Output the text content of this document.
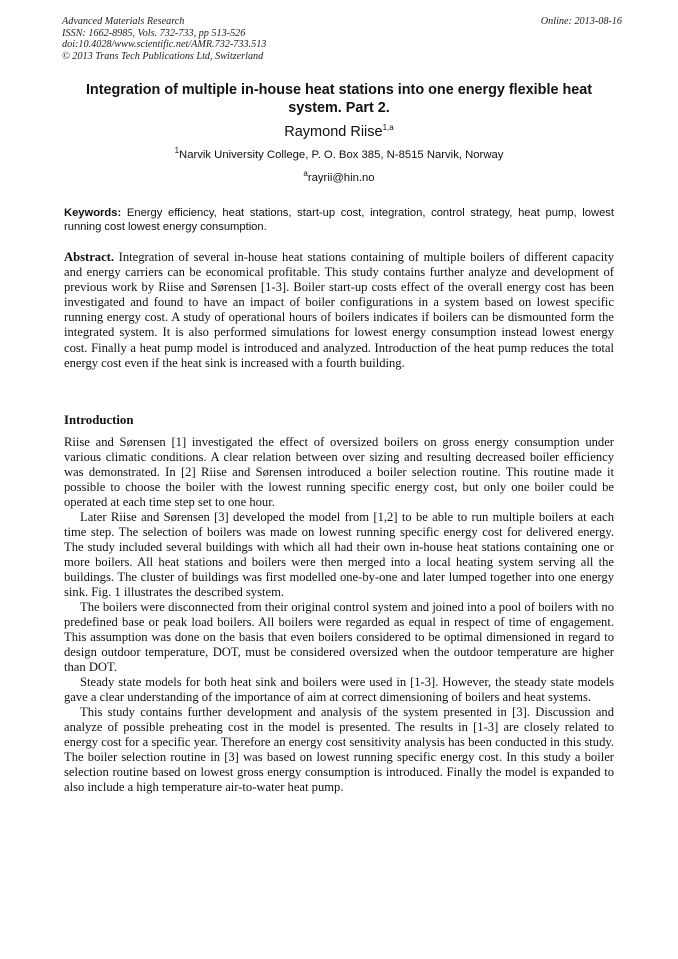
Advanced Materials Research
ISSN: 1662-8985, Vols. 732-733, pp 513-526
doi:10.4028/www.scientific.net/AMR.732-733.513
© 2013 Trans Tech Publications Ltd, Switzerland
Online: 2013-08-16
Integration of multiple in-house heat stations into one energy flexible heat system. Part 2.
Raymond Riise$^{1,a}$
$^1$Narvik University College, P. O. Box 385, N-8515 Narvik, Norway
$^a$rayrii@hin.no
Keywords: Energy efficiency, heat stations, start-up cost, integration, control strategy, heat pump, lowest running cost lowest energy consumption.

Abstract. Integration of several in-house heat stations containing of multiple boilers of different capacity and energy carriers can be economical profitable. This study contains further analyze and development of previous work by Riise and Sørensen [1-3]. Boiler start-up costs effect of the overall energy cost has been investigated and found to have an impact of boiler configurations in a system based on lowest specific running energy cost. A study of operational hours of boilers indicates if boilers can be dismounted form the integrated system. It is also performed simulations for lowest energy consumption instead lowest energy cost. Finally a heat pump model is introduced and analyzed. Introduction of the heat pump reduces the total energy cost even if the heat sink is increased with a fourth building.

Introduction

Riise and Sørensen [1] investigated the effect of oversized boilers on gross energy consumption under various climatic conditions. A clear relation between over sizing and resulting decreased boiler efficiency was demonstrated. In [2] Riise and Sørensen introduced a boiler selection routine. This routine made it possible to choose the boiler with the lowest running specific energy cost, but only one boiler could be operated at each time step set to one hour.

Later Riise and Sørensen [3] developed the model from [1,2] to be able to run multiple boilers at each time step. The selection of boilers was made on lowest running specific energy cost for delivered energy. The study included several buildings with which all had their own in-house heat stations containing one or more boilers. All heat stations and boilers were then merged into a local heating system serving all the buildings. The cluster of buildings was first modelled one-by-one and later lumped together into one energy sink. Fig. 1 illustrates the described system.

The boilers were disconnected from their original control system and joined into a pool of boilers with no predefined base or peak load boilers. All boilers were regarded as equal in respect of time of engagement. This assumption was done on the basis that even boilers considered to be optimal dimensioned in regard to design outdoor temperature, DOT, must be considered oversized when the outdoor temperature are higher than DOT.

Steady state models for both heat sink and boilers were used in [1-3]. However, the steady state models gave a clear understanding of the importance of aim at correct dimensioning of boilers and heat systems.

This study contains further development and analysis of the system presented in [3]. Discussion and analyze of possible preheating cost in the model is presented. The results in [1-3] are closely related to energy cost for a specific year. Therefore an energy cost sensitivity analysis has been conducted in this study. The boiler selection routine in [3] was based on lowest running specific energy cost. In this study a boiler selection routine based on lowest gross energy consumption is introduced. Finally the model is expanded to also include a high temperature air-to-water heat pump.
